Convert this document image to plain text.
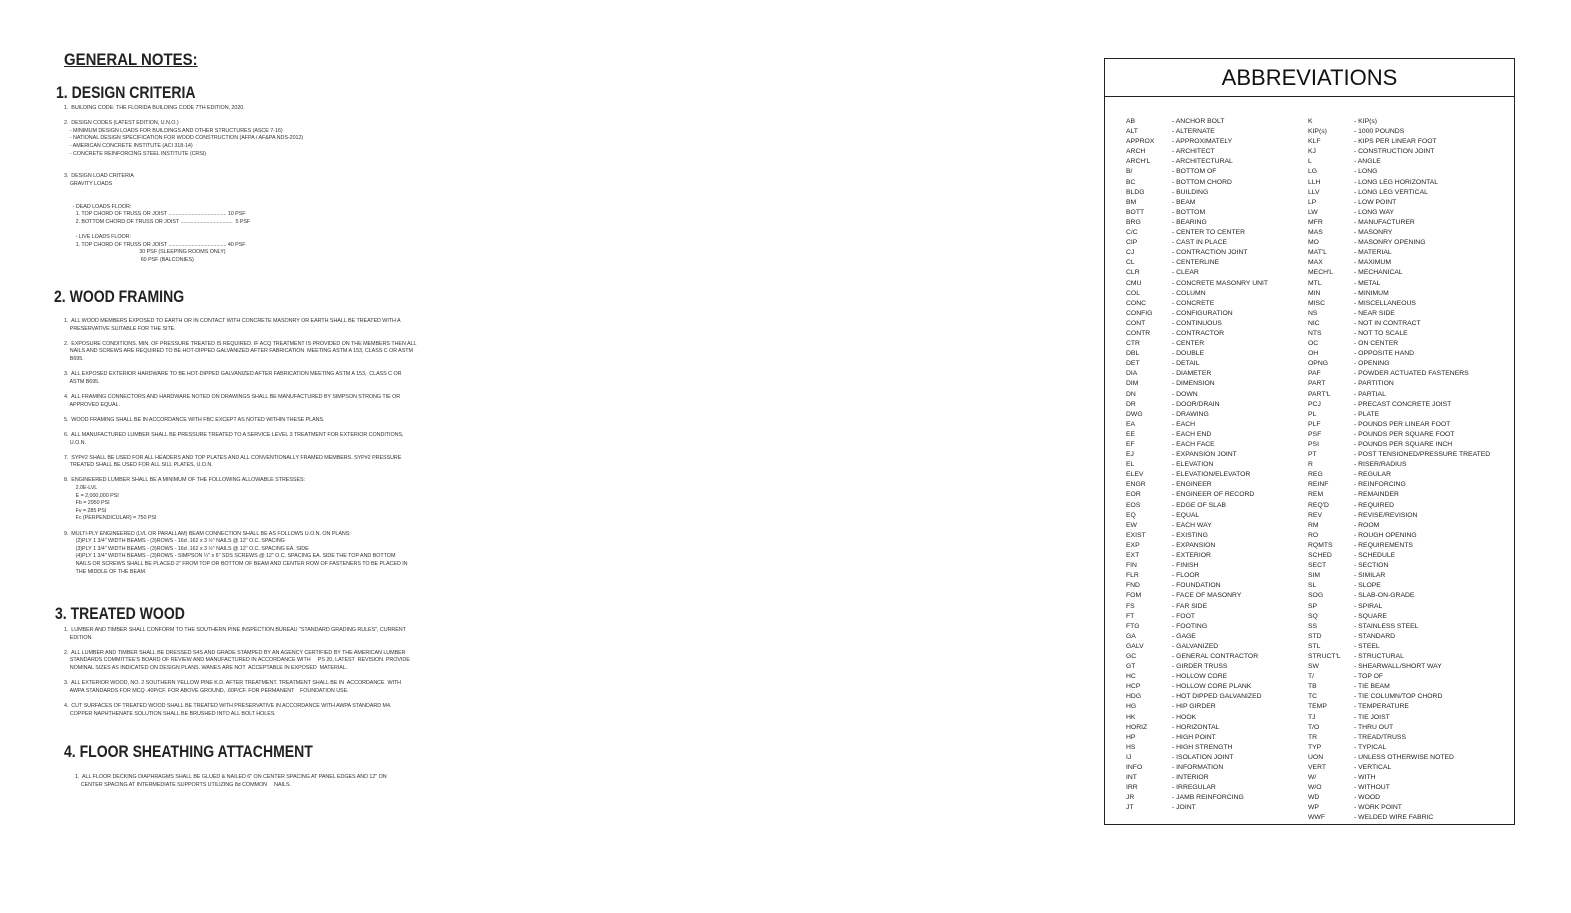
GENERAL NOTES:
1. DESIGN CRITERIA
1.  BUILDING CODE: THE FLORIDA BUILDING CODE 7TH EDITION, 2020.

2.  DESIGN CODES (LATEST EDITION, U.N.O.)
- MINIMUM DESIGN LOADS FOR BUILDINGS AND OTHER STRUCTURES (ASCE 7-16)
- NATIONAL DESIGN SPECIFICATION FOR WOOD CONSTRUCTION (AFPA / AF&PA NDS-2012)
- AMERICAN CONCRETE INSTITUTE (ACI 318-14)
- CONCRETE REINFORCING STEEL INSTITUTE (CRSI)

3.  DESIGN LOAD CRITERIA
GRAVITY LOADS

- DEAD LOADS FLOOR:
1. TOP CHORD OF TRUSS OR JOIST ........................................ 10 PSF
2. BOTTOM CHORD OF TRUSS OR JOIST ....................................  5 PSF

- LIVE LOADS FLOOR:
1. TOP CHORD OF TRUSS OR JOIST ........................................ 40 PSF
30 PSF (SLEEPING ROOMS ONLY)
60 PSF (BALCONIES)
2. WOOD FRAMING
1.  ALL WOOD MEMBERS EXPOSED TO EARTH OR IN CONTACT WITH CONCRETE MASONRY OR EARTH SHALL BE TREATED WITH A
PRESERVATIVE SUITABLE FOR THE SITE.

2.  EXPOSURE CONDITIONS. MIN. OF PRESSURE TREATED IS REQUIRED. IF ACQ TREATMENT IS PROVIDED ON THE MEMBERS THEN ALL
NAILS AND SCREWS ARE REQUIRED TO BE HOT-DIPPED GALVANIZED AFTER FABRICATION  MEETING ASTM A 153, CLASS C OR ASTM
B695.

3.  ALL EXPOSED EXTERIOR HARDWARE TO BE HOT-DIPPED GALVANIZED AFTER FABRICATION MEETING ASTM A 153,  CLASS C OR
ASTM B695.

4.  ALL FRAMING CONNECTORS AND HARDWARE NOTED ON DRAWINGS SHALL BE MANUFACTURED BY SIMPSON STRONG TIE OR
APPROVED EQUAL.

5.  WOOD FRAMING SHALL BE IN ACCORDANCE WITH FBC EXCEPT AS NOTED WITHIN THESE PLANS.

6.  ALL MANUFACTURED LUMBER SHALL BE PRESSURE TREATED TO A SERVICE LEVEL 3 TREATMENT FOR EXTERIOR CONDITIONS,
U.O.N.

7.  SYP#2 SHALL BE USED FOR ALL HEADERS AND TOP PLATES AND ALL CONVENTIONALLY FRAMED MEMBERS. SYP#2 PRESSURE
TREATED SHALL BE USED FOR ALL SILL PLATES, U.O.N.

8.  ENGINEERED LUMBER SHALL BE A MINIMUM OF THE FOLLOWING ALLOWABLE STRESSES:
2.0E-LVL
E = 2,000,000 PSI
Fb = 2950 PSI
Fv = 285 PSI
Fc (PERPENDICULAR) = 750 PSI

9.  MULTI-PLY ENGINEERED (LVL OR PARALLAM) BEAM CONNECTION SHALL BE AS FOLLOWS U.O.N. ON PLANS:
(2)PLY 1 3/4" WIDTH BEAMS - (3)ROWS - 16d .162 x 3 ½" NAILS @ 12" O.C. SPACING
(3)PLY 1 3/4" WIDTH BEAMS - (3)ROWS - 16d .162 x 3 ½" NAILS @ 12" O.C. SPACING EA. SIDE
(4)PLY 1 3/4" WIDTH BEAMS - (3)ROWS - SIMPSON ¼" x 6" SDS SCREWS @ 12" O.C. SPACING EA. SIDE THE TOP AND BOTTOM
NAILS OR SCREWS SHALL BE PLACED 2" FROM TOP OR BOTTOM OF BEAM AND CENTER ROW OF FASTENERS TO BE PLACED IN
THE MIDDLE OF THE BEAM.
3. TREATED WOOD
1.  LUMBER AND TIMBER SHALL CONFORM TO THE SOUTHERN PINE INSPECTION BUREAU "STANDARD GRADING RULES", CURRENT
EDITION.

2.  ALL LUMBER AND TIMBER SHALL BE DRESSED S4S AND GRADE STAMPED BY AN AGENCY CERTIFIED BY THE AMERICAN LUMBER
STANDARDS COMMITTEE'S BOARD OF REVIEW AND MANUFACTURED IN ACCORDANCE WITH     PS 20, LATEST  REVISION. PROVIDE
NOMINAL SIZES AS INDICATED ON DESIGN PLANS. WANES ARE NOT  ACCEPTABLE IN EXPOSED  MATERIAL.

3.  ALL EXTERIOR WOOD, NO. 2 SOUTHERN YELLOW PINE K.D. AFTER TREATMENT. TREATMENT SHALL BE IN  ACCORDANCE  WITH
AWPA STANDARDS FOR MCQ .40P/CF. FOR ABOVE GROUND, .60P/CF. FOR PERMANENT    FOUNDATION USE.

4.  CUT SURFACES OF TREATED WOOD SHALL BE TREATED WITH PRESERVATIVE IN ACCORDANCE WITH AWPA STANDARD M4.
COPPER NAPHTHENATE SOLUTION SHALL BE BRUSHED INTO ALL BOLT HOLES.
4. FLOOR SHEATHING ATTACHMENT
1.  ALL FLOOR DECKING DIAPHRAGMS SHALL BE GLUED & NAILED 6" ON CENTER SPACING AT PANEL EDGES AND 12" ON
CENTER SPACING AT INTERMEDIATE SUPPORTS UTILIZING 8d COMMON     NAILS.
ABBREVIATIONS
AB	- ANCHOR BOLT
ALT	- ALTERNATE
APPROX	- APPROXIMATELY
ARCH	- ARCHITECT
ARCH'L	- ARCHITECTURAL
B/	- BOTTOM OF
BC	- BOTTOM CHORD
BLDG	- BUILDING
BM	- BEAM
BOTT	- BOTTOM
BRG	- BEARING
C/C	- CENTER TO CENTER
CIP	- CAST IN PLACE
CJ	- CONTRACTION JOINT
CL	- CENTERLINE
CLR	- CLEAR
CMU	- CONCRETE MASONRY UNIT
COL	- COLUMN
CONC	- CONCRETE
CONFIG	- CONFIGURATION
CONT	- CONTINUOUS
CONTR	- CONTRACTOR
CTR	- CENTER
DBL	- DOUBLE
DET	- DETAIL
DIA	- DIAMETER
DIM	- DIMENSION
DN	- DOWN
DR	- DOOR/DRAIN
DWG	- DRAWING
EA	- EACH
EE	- EACH END
EF	- EACH FACE
EJ	- EXPANSION JOINT
EL	- ELEVATION
ELEV	- ELEVATION/ELEVATOR
ENGR	- ENGINEER
EOR	- ENGINEER OF RECORD
EOS	- EDGE OF SLAB
EQ	- EQUAL
EW	- EACH WAY
EXIST	- EXISTING
EXP	- EXPANSION
EXT	- EXTERIOR
FIN	- FINISH
FLR	- FLOOR
FND	- FOUNDATION
FOM	- FACE OF MASONRY
FS	- FAR SIDE
FT	- FOOT
FTG	- FOOTING
GA	- GAGE
GALV	- GALVANIZED
GC	- GENERAL CONTRACTOR
GT	- GIRDER TRUSS
HC	- HOLLOW CORE
HCP	- HOLLOW CORE PLANK
HDG	- HOT DIPPED GALVANIZED
HG	- HIP GIRDER
HK	- HOOK
HORIZ	- HORIZONTAL
HP	- HIGH POINT
HS	- HIGH STRENGTH
IJ	- ISOLATION JOINT
INFO	- INFORMATION
INT	- INTERIOR
IRR	- IRREGULAR
JR	- JAMB REINFORCING
JT	- JOINT
K	- KIP(s)
KIP(s)	- 1000 POUNDS
KLF	- KIPS PER LINEAR FOOT
KJ	- CONSTRUCTION JOINT
L	- ANGLE
LG	- LONG
LLH	- LONG LEG HORIZONTAL
LLV	- LONG LEG VERTICAL
LP	- LOW POINT
LW	- LONG WAY
MFR	- MANUFACTURER
MAS	- MASONRY
MO	- MASONRY OPENING
MAT'L	- MATERIAL
MAX	- MAXIMUM
MECH'L	- MECHANICAL
MTL	- METAL
MIN	- MINIMUM
MISC	- MISCELLANEOUS
NS	- NEAR SIDE
NIC	- NOT IN CONTRACT
NTS	- NOT TO SCALE
OC	- ON CENTER
OH	- OPPOSITE HAND
OPNG	- OPENING
PAF	- POWDER ACTUATED FASTENERS
PART	- PARTITION
PART'L	- PARTIAL
PCJ	- PRECAST CONCRETE JOIST
PL	- PLATE
PLF	- POUNDS PER LINEAR FOOT
PSF	- POUNDS PER SQUARE FOOT
PSI	- POUNDS PER SQUARE INCH
PT	- POST TENSIONED/PRESSURE TREATED
R	- RISER/RADIUS
REG	- REGULAR
REINF	- REINFORCING
REM	- REMAINDER
REQ'D	- REQUIRED
REV	- REVISE/REVISION
RM	- ROOM
RO	- ROUGH OPENING
RQMTS	- REQUIREMENTS
SCHED	- SCHEDULE
SECT	- SECTION
SIM	- SIMILAR
SL	- SLOPE
SOG	- SLAB-ON-GRADE
SP	- SPIRAL
SQ	- SQUARE
SS	- STAINLESS STEEL
STD	- STANDARD
STL	- STEEL
STRUCT'L	- STRUCTURAL
SW	- SHEARWALL/SHORT WAY
T/	- TOP OF
TB	- TIE BEAM
TC	- TIE COLUMN/TOP CHORD
TEMP	- TEMPERATURE
TJ	- TIE JOIST
T/O	- THRU OUT
TR	- TREAD/TRUSS
TYP	- TYPICAL
UON	- UNLESS OTHERWISE NOTED
VERT	- VERTICAL
W/	- WITH
W/O	- WITHOUT
WD	- WOOD
WP	- WORK POINT
WWF	- WELDED WIRE FABRIC
